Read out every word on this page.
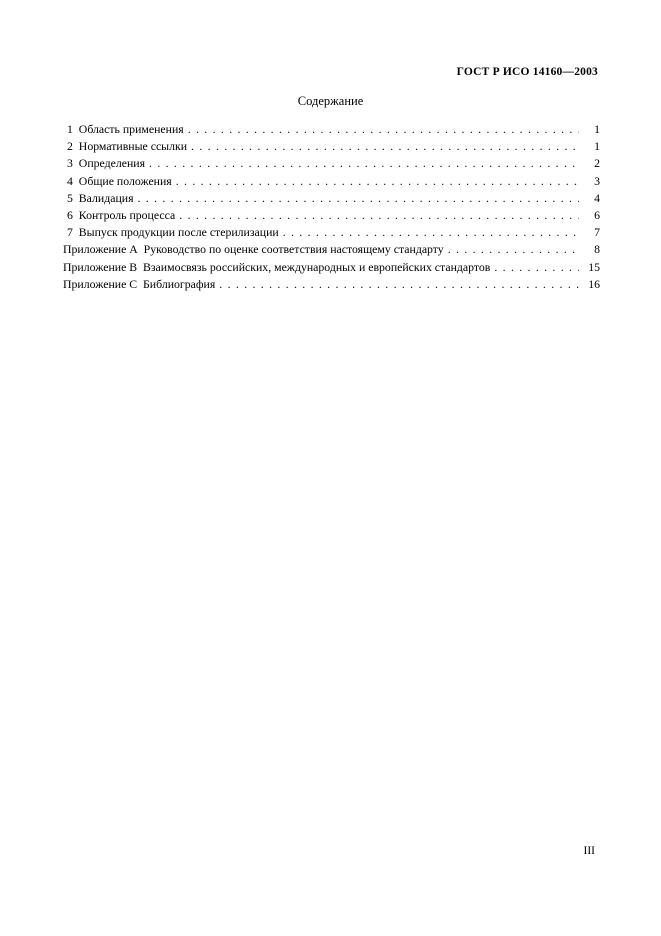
ГОСТ Р ИСО 14160—2003
Содержание
1  Область применения . . .	1
2  Нормативные ссылки . . .	1
3  Определения . . .	2
4  Общие положения . . .	3
5  Валидация . . .	4
6  Контроль процесса . . .	6
7  Выпуск продукции после стерилизации . . .	7
Приложение А  Руководство по оценке соответствия настоящему стандарту . . .	8
Приложение В  Взаимосвязь российских, международных и европейских стандартов . . .	15
Приложение С  Библиография . . .	16
III
